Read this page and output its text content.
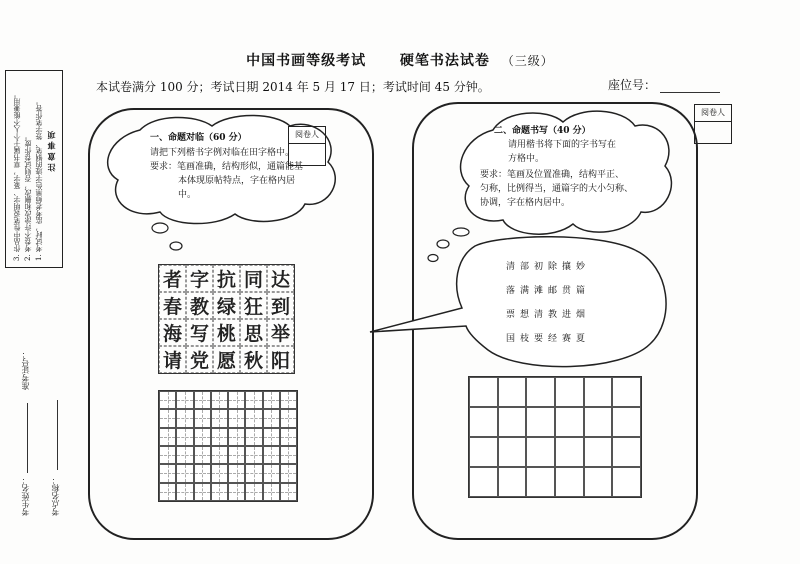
中国书画等级考试 硬笔书法试卷 （三级）
本试卷满分 100 分；考试日期 2014 年 5 月 17 日；考试时间 45 分钟。	座位号：
3. 作品中性笔说明字、篆字，草书属于个人不能兼用。 2. 考卷不许涂改和删改，否则试卷作废。 1. 考试时，监考老师黑色字迹的钢笔、签字笔作答。 注 意 事 项
准考证号：
考生姓名：	考点名称：
一、命题对临（60 分）
请把下列楷书字例对临在田字格中。
要求：笔画准确，结构形似，通篇能基
本体现原帖特点，字在格内居
中。
阅卷人
者 字 抗 同 达
春 教 绿 狂 到
海 写 桃 思 举
请 党 愿 秋 阳
阅卷人
二、命题书写（40 分）
请用楷书将下面的字书写在
方格中。
要求：笔画及位置准确，结构平正、
匀称，比例得当，通篇字的大小匀称、
协调，字在格内居中。
清部初除攘妙
落满滩邮贯篇
票想清教进烟
国枝要经赛夏
